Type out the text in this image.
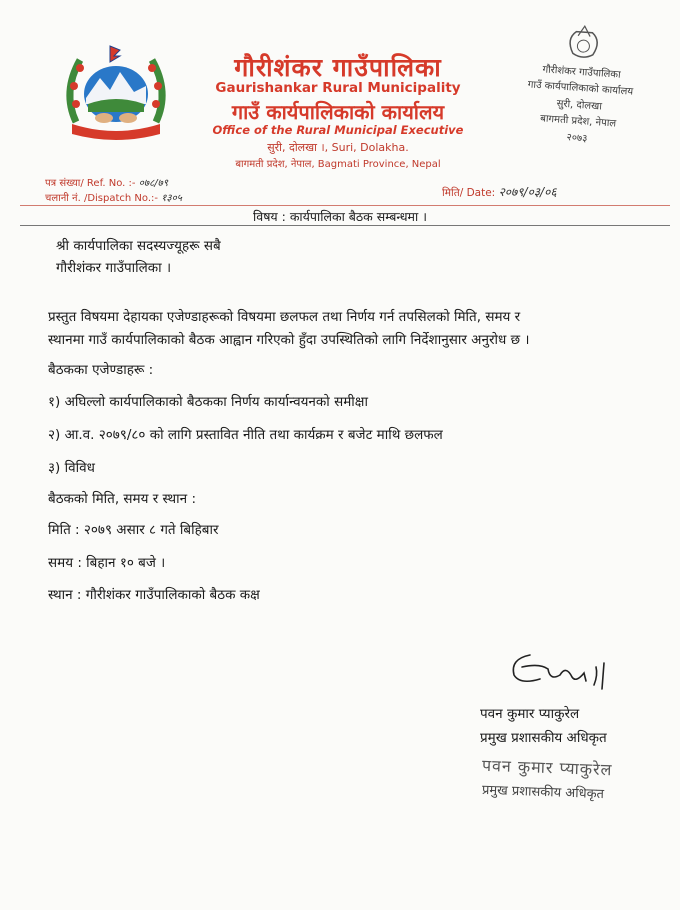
गौरीशंकर गाउँपालिका
Gaurishankar Rural Municipality
गाउँ कार्यपालिकाको कार्यालय
Office of the Rural Municipal Executive
सुरी, दोलखा ।, Suri, Dolakha.
बागमती प्रदेश, नेपाल, Bagmati Province, Nepal
गौरीशंकर गाउँपालिका
गाउँ कार्यपालिकाको कार्यालय
सुरी, दोलखा
बागमती प्रदेश, नेपाल
२०७३
पत्र संख्या/ Ref. No. :- ०७८/७९
चलानी नं. /Dispatch No.:- १३०५	मिति/ Date: २०७९/०३/०६
विषय : कार्यपालिका बैठक सम्बन्धमा ।
श्री कार्यपालिका सदस्यज्यूहरू सबै
गौरीशंकर गाउँपालिका ।
प्रस्तुत विषयमा देहायका एजेण्डाहरूको विषयमा छलफल तथा निर्णय गर्न तपसिलको मिति, समय र
स्थानमा गाउँ कार्यपालिकाको बैठक आह्वान गरिएको हुँदा उपस्थितिको लागि निर्देशानुसार अनुरोध छ ।
बैठकका एजेण्डाहरू :
१) अघिल्लो कार्यपालिकाको बैठकका निर्णय कार्यान्वयनको समीक्षा
२) आ.व. २०७९/८० को लागि प्रस्तावित नीति तथा कार्यक्रम र बजेट माथि छलफल
३) विविध
बैठकको मिति, समय र स्थान :
मिति : २०७९ असार ८ गते बिहिबार
समय : बिहान १० बजे ।
स्थान : गौरीशंकर गाउँपालिकाको बैठक कक्ष
पवन कुमार प्याकुरेल
प्रमुख प्रशासकीय अधिकृत
पवन कुमार प्याकुरेल
प्रमुख प्रशासकीय अधिकृत
